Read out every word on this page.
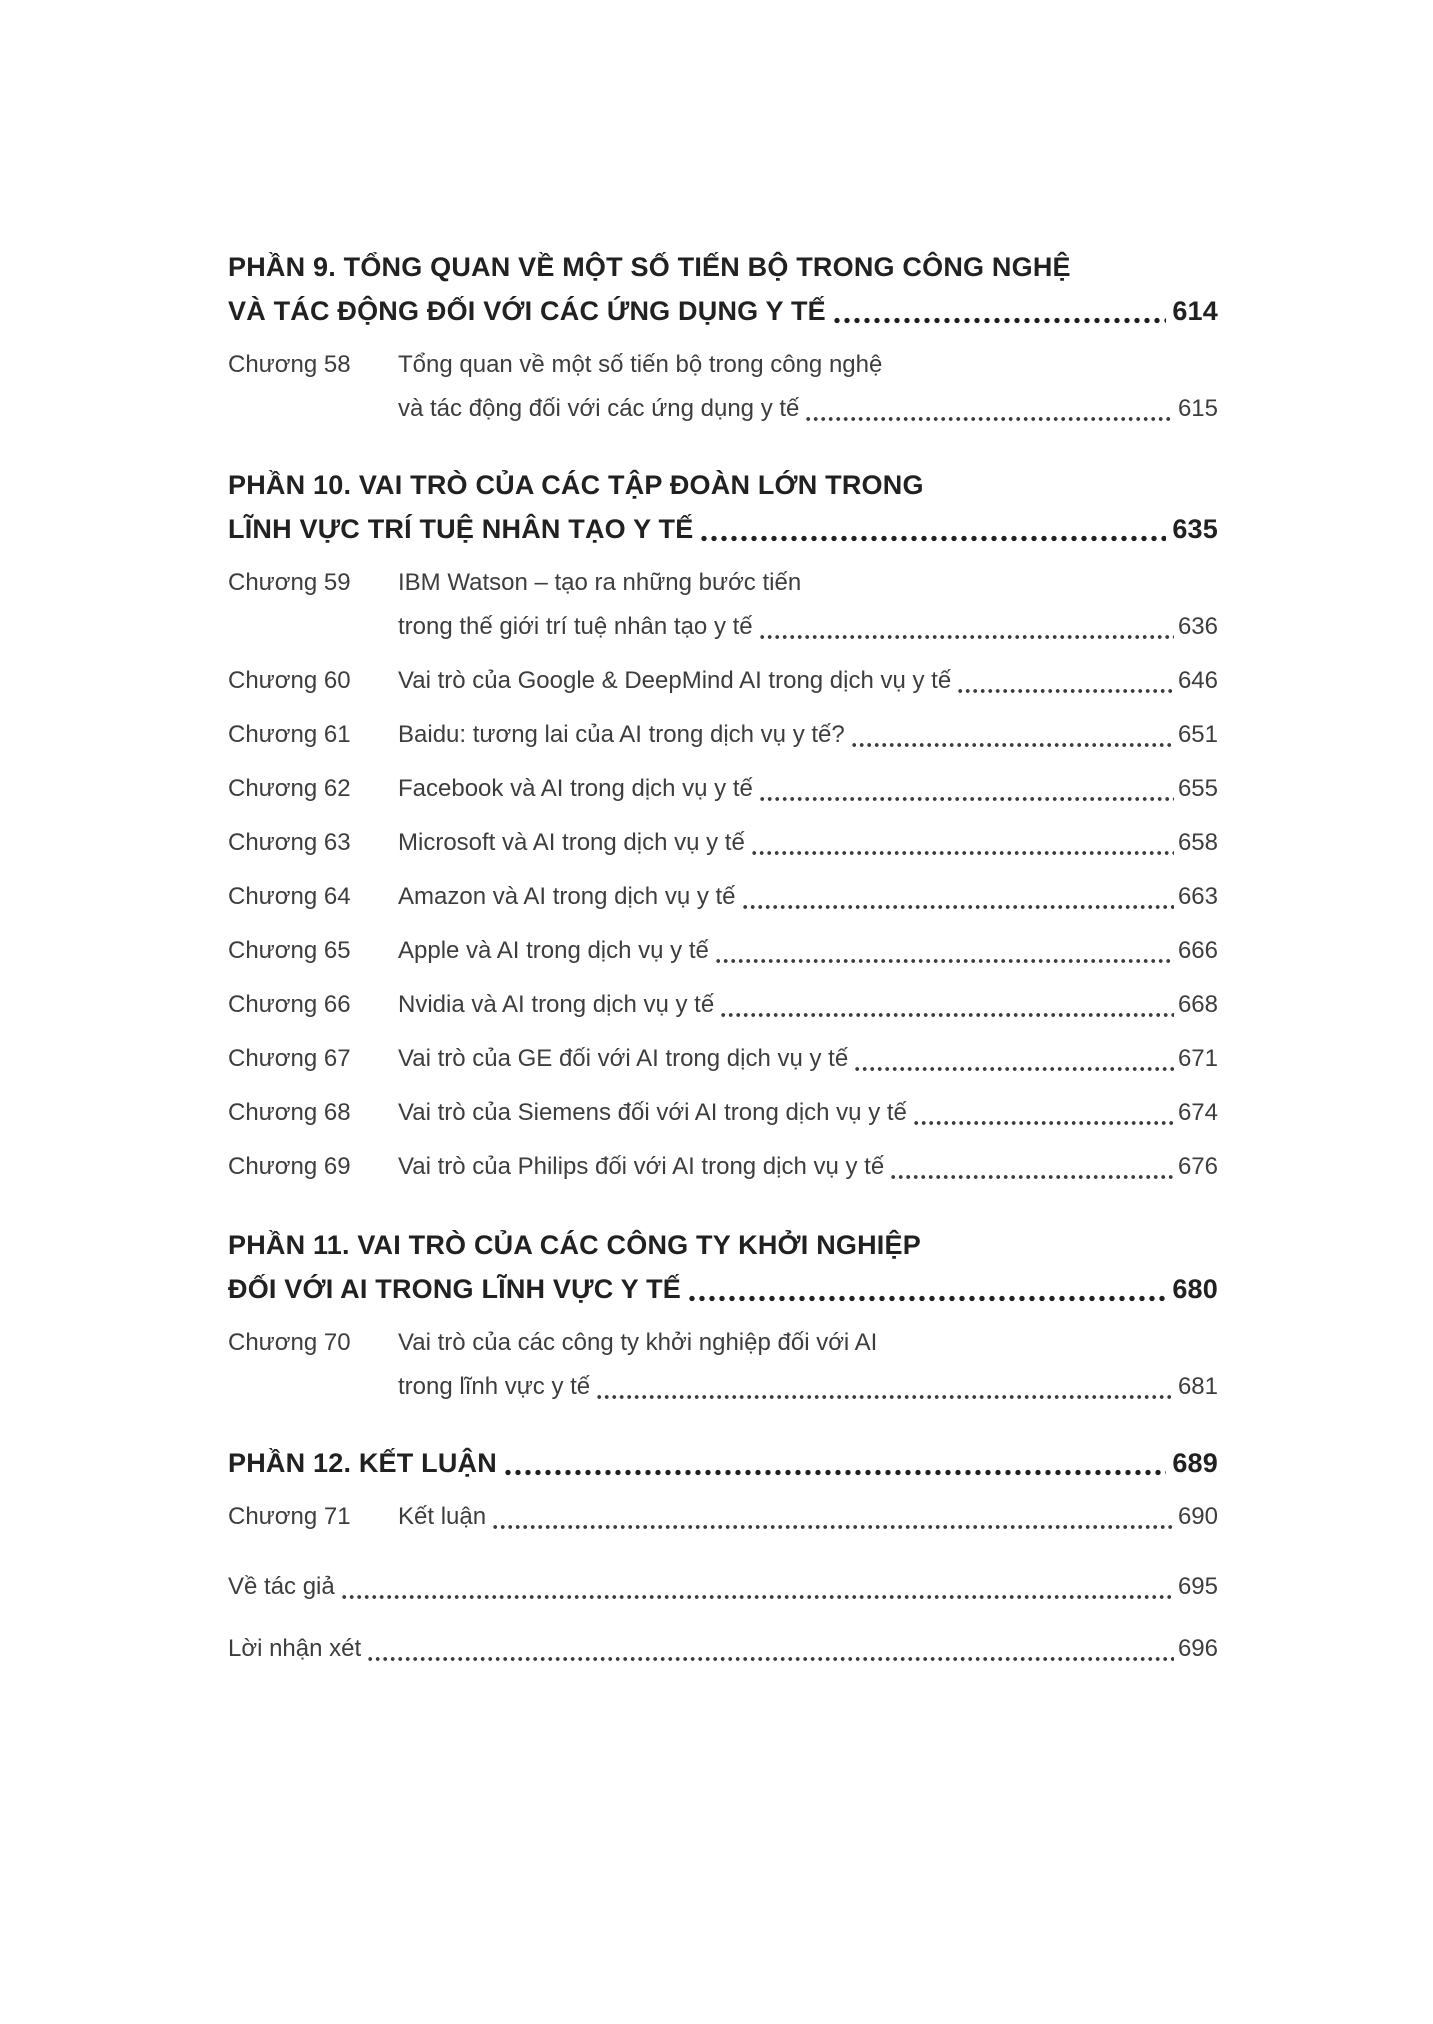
PHẦN 9. TỔNG QUAN VỀ MỘT SỐ TIẾN BỘ TRONG CÔNG NGHỆ
VÀ TÁC ĐỘNG ĐỐI VỚI CÁC ỨNG DỤNG Y TẾ	614
Chương 58	Tổng quan về một số tiến bộ trong công nghệ
và tác động đối với các ứng dụng y tế	615
PHẦN 10. VAI TRÒ CỦA CÁC TẬP ĐOÀN LỚN TRONG
LĨNH VỰC TRÍ TUỆ NHÂN TẠO Y TẾ	635
Chương 59	IBM Watson – tạo ra những bước tiến
trong thế giới trí tuệ nhân tạo y tế	636
Chương 60	Vai trò của Google & DeepMind AI trong dịch vụ y tế	646
Chương 61	Baidu: tương lai của AI trong dịch vụ y tế?	651
Chương 62	Facebook và AI trong dịch vụ y tế	655
Chương 63	Microsoft và AI trong dịch vụ y tế	658
Chương 64	Amazon và AI trong dịch vụ y tế	663
Chương 65	Apple và AI trong dịch vụ y tế	666
Chương 66	Nvidia và AI trong dịch vụ y tế	668
Chương 67	Vai trò của GE đối với AI trong dịch vụ y tế	671
Chương 68	Vai trò của Siemens đối với AI trong dịch vụ y tế	674
Chương 69	Vai trò của Philips đối với AI trong dịch vụ y tế	676
PHẦN 11. VAI TRÒ CỦA CÁC CÔNG TY KHỞI NGHIỆP
ĐỐI VỚI AI TRONG LĨNH VỰC Y TẾ	680
Chương 70	Vai trò của các công ty khởi nghiệp đối với AI
trong lĩnh vực y tế	681
PHẦN 12. KẾT LUẬN	689
Chương 71	Kết luận	690
Về tác giả	695
Lời nhận xét	696
